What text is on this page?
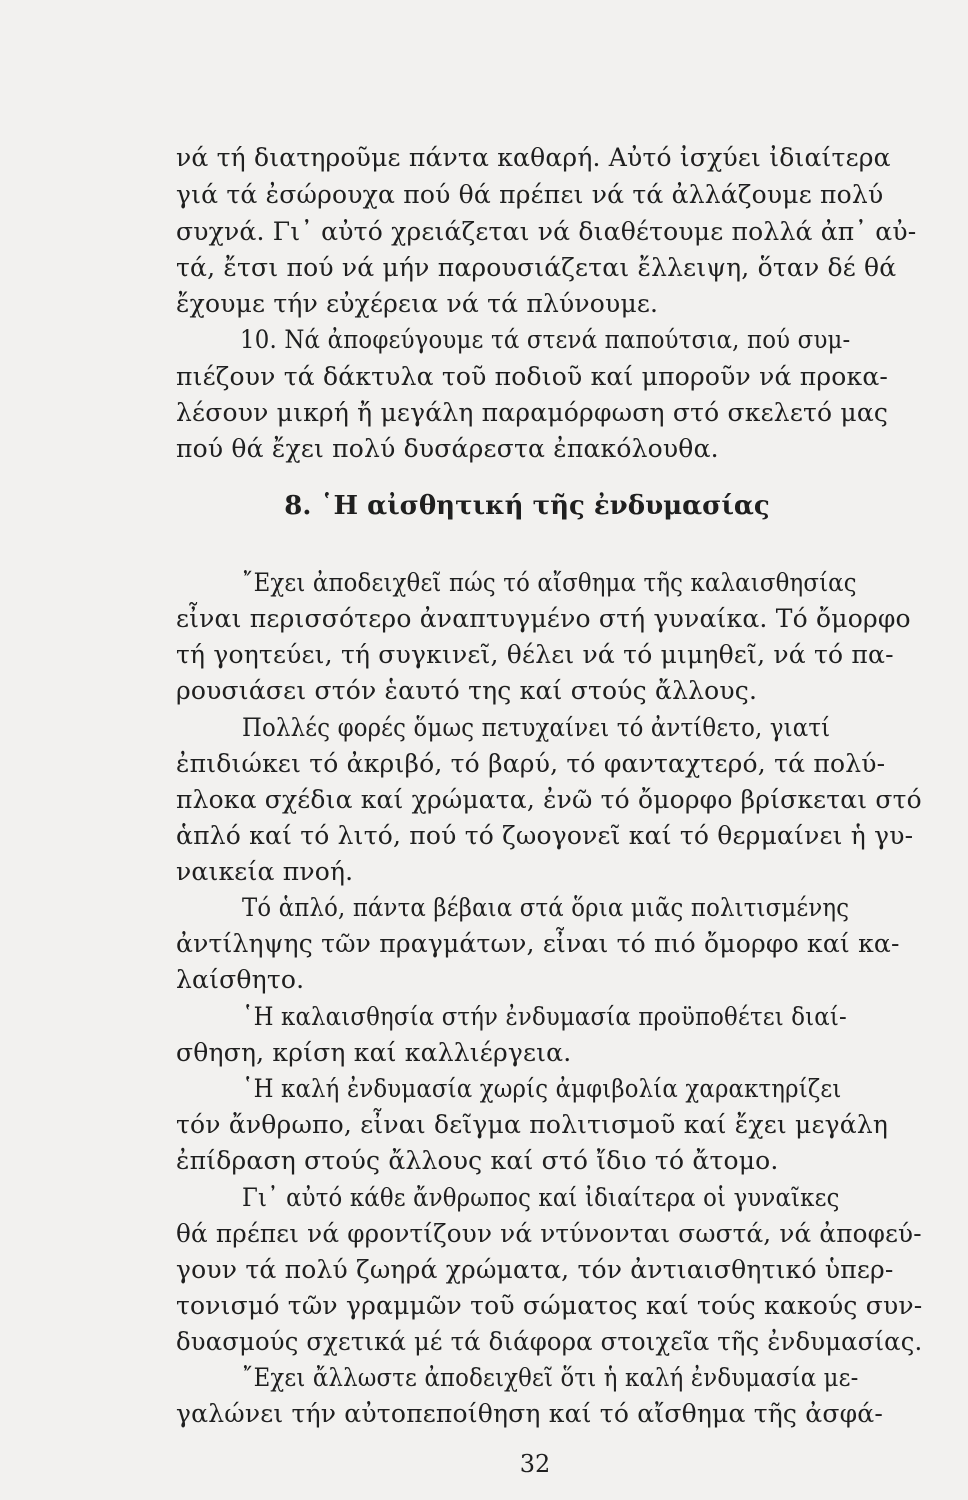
νά τή διατηροῦμε πάντα καθαρή. Αὐτό ἰσχύει ἰδιαίτερα
γιά τά ἐσώρουχα πού θά πρέπει νά τά ἀλλάζουμε πολύ
συχνά. Γι᾽ αὐτό χρειάζεται νά διαθέτουμε πολλά ἀπ᾽ αὐ-
τά, ἔτσι πού νά μήν παρουσιάζεται ἔλλειψη, ὅταν δέ θά
ἔχουμε τήν εὐχέρεια νά τά πλύνουμε.
10. Νά ἀποφεύγουμε τά στενά παπούτσια, πού συμ-
πιέζουν τά δάκτυλα τοῦ ποδιοῦ καί μποροῦν νά προκα-
λέσουν μικρή ἤ μεγάλη παραμόρφωση στό σκελετό μας
πού θά ἔχει πολύ δυσάρεστα ἐπακόλουθα.
8. ῾Η αἰσθητική τῆς ἐνδυμασίας
῎Εχει ἀποδειχθεῖ πώς τό αἴσθημα τῆς καλαισθησίας
εἶναι περισσότερο ἀναπτυγμένο στή γυναίκα. Τό ὄμορφο
τή γοητεύει, τή συγκινεῖ, θέλει νά τό μιμηθεῖ, νά τό πα-
ρουσιάσει στόν ἑαυτό της καί στούς ἄλλους.
Πολλές φορές ὅμως πετυχαίνει τό ἀντίθετο, γιατί
ἐπιδιώκει τό ἀκριβό, τό βαρύ, τό φανταχτερό, τά πολύ-
πλοκα σχέδια καί χρώματα, ἐνῶ τό ὄμορφο βρίσκεται στό
ἁπλό καί τό λιτό, πού τό ζωογονεῖ καί τό θερμαίνει ἡ γυ-
ναικεία πνοή.
Τό ἁπλό, πάντα βέβαια στά ὅρια μιᾶς πολιτισμένης
ἀντίληψης τῶν πραγμάτων, εἶναι τό πιό ὄμορφο καί κα-
λαίσθητο.
῾Η καλαισθησία στήν ἐνδυμασία προϋποθέτει διαί-
σθηση, κρίση καί καλλιέργεια.
῾Η καλή ἐνδυμασία χωρίς ἀμφιβολία χαρακτηρίζει
τόν ἄνθρωπο, εἶναι δεῖγμα πολιτισμοῦ καί ἔχει μεγάλη
ἐπίδραση στούς ἄλλους καί στό ἴδιο τό ἄτομο.
Γι᾽ αὐτό κάθε ἄνθρωπος καί ἰδιαίτερα οἱ γυναῖκες
θά πρέπει νά φροντίζουν νά ντύνονται σωστά, νά ἀποφεύ-
γουν τά πολύ ζωηρά χρώματα, τόν ἀντιαισθητικό ὑπερ-
τονισμό τῶν γραμμῶν τοῦ σώματος καί τούς κακούς συν-
δυασμούς σχετικά μέ τά διάφορα στοιχεῖα τῆς ἐνδυμασίας.
῎Εχει ἄλλωστε ἀποδειχθεῖ ὅτι ἡ καλή ἐνδυμασία με-
γαλώνει τήν αὐτοπεποίθηση καί τό αἴσθημα τῆς ἀσφά-
32
